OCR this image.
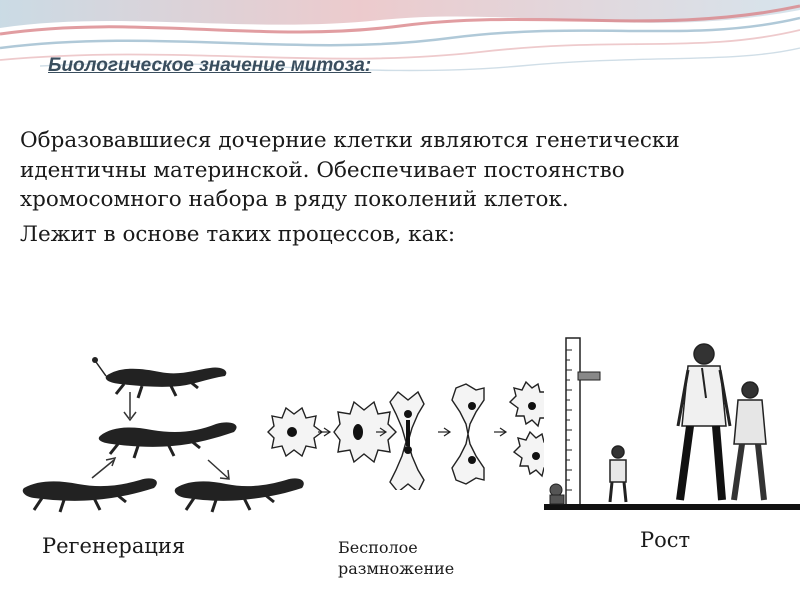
Биологическое значение митоза:

Образовавшиеся дочерние клетки являются генетически идентичны материнской. Обеспечивает постоянство хромосомного набора в ряду поколений клеток.

Лежит в основе таких процессов, как:

Регенерация	Бесполое размножение
Рост
